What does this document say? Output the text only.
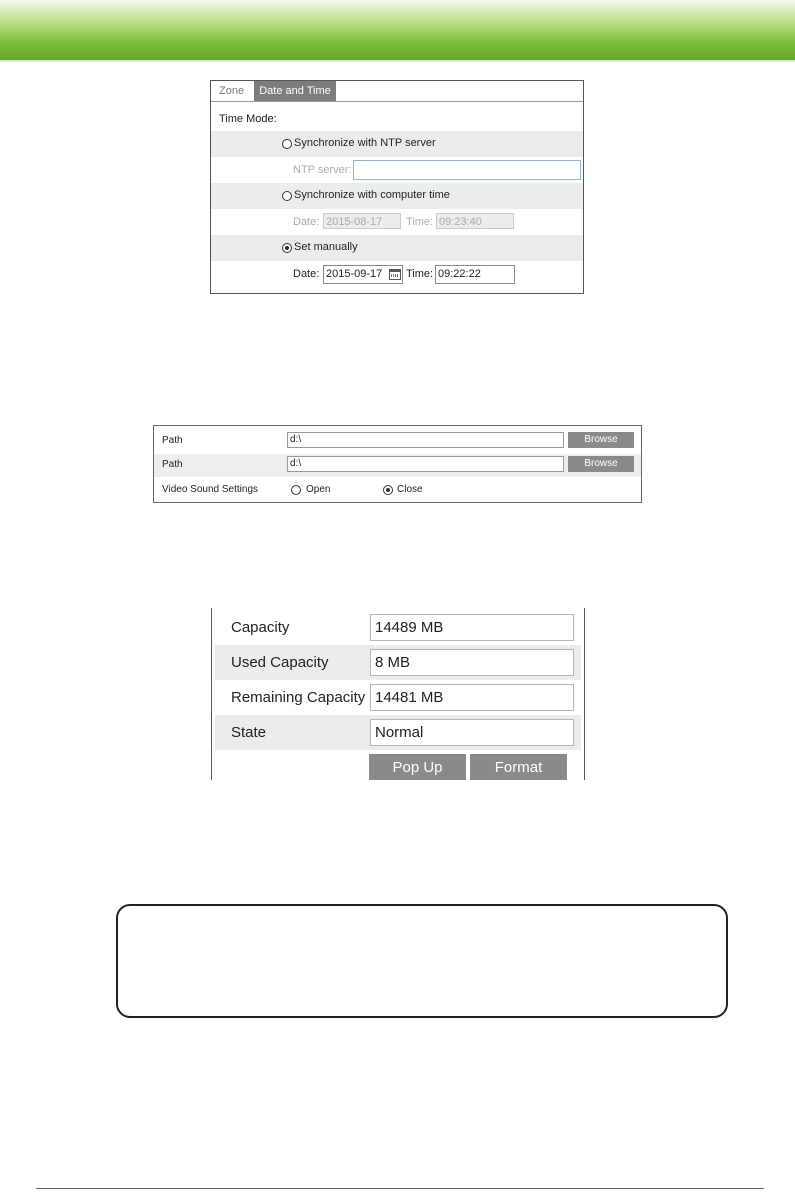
Zone	Date and Time
Time Mode:
Synchronize with NTP server
NTP server:
Synchronize with computer time
Date: 2015-08-17	Time: 09:23:40
Set manually
Date: 2015-09-17	Time: 09:22:22
Path	d:\	Browse
Path	d:\	Browse
Video Sound Settings	Open	Close
Capacity	14489 MB
Used Capacity	8 MB
Remaining Capacity 14481 MB
State	Normal
Pop Up	Format
